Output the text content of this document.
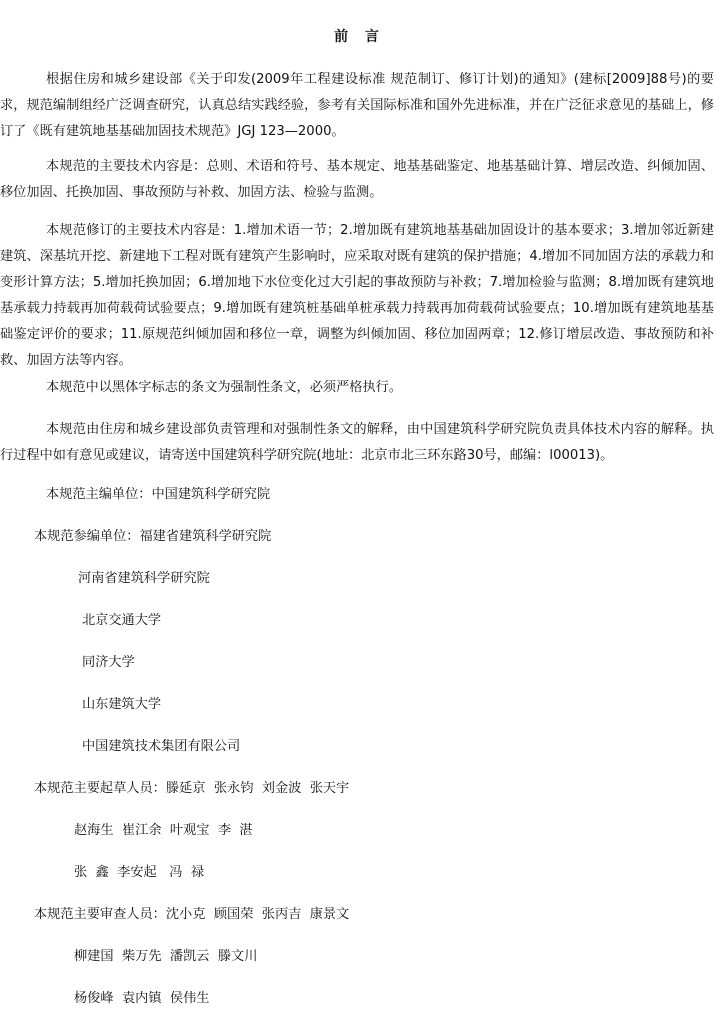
前 言

根据住房和城乡建设部《关于印发(2009年工程建设标准 规范制订、修订计划)的通知》(建标[2009]88号)的要求，规范编制组经广泛调查研究，认真总结实践经验，参考有关国际标准和国外先进标准，并在广泛征求意见的基础上，修订了《既有建筑地基基础加固技术规范》JGJ 123—2000。

本规范的主要技术内容是：总则、术语和符号、基本规定、地基基础鉴定、地基基础计算、增层改造、纠倾加固、移位加固、托换加固、事故预防与补救、加固方法、检验与监测。

本规范修订的主要技术内容是：1.增加术语一节；2.增加既有建筑地基基础加固设计的基本要求；3.增加邻近新建建筑、深基坑开挖、新建地下工程对既有建筑产生影响时，应采取对既有建筑的保护措施；4.增加不同加固方法的承载力和变形计算方法；5.增加托换加固；6.增加地下水位变化过大引起的事故预防与补救；7.增加检验与监测；8.增加既有建筑地基承载力持载再加荷载荷试验要点；9.增加既有建筑桩基础单桩承载力持载再加荷载荷试验要点；10.增加既有建筑地基基础鉴定评价的要求；11.原规范纠倾加固和移位一章，调整为纠倾加固、移位加固两章；12.修订增层改造、事故预防和补救、加固方法等内容。

本规范中以黑体字标志的条文为强制性条文，必须严格执行。

本规范由住房和城乡建设部负责管理和对强制性条文的解释，由中国建筑科学研究院负责具体技术内容的解释。执行过程中如有意见或建议，请寄送中国建筑科学研究院(地址：北京市北三环东路30号，邮编：l00013)。

本规范主编单位：中国建筑科学研究院
本规范参编单位：福建省建筑科学研究院
河南省建筑科学研究院
北京交通大学
同济大学
山东建筑大学
中国建筑技术集团有限公司
本规范主要起草人员：滕延京  张永钧  刘金波  张天宇
赵海生  崔江余  叶观宝  李  湛
张  鑫  李安起   冯  禄
本规范主要审查人员：沈小克  顾国荣  张丙吉  康景文
柳建国  柴万先  潘凯云  滕文川
杨俊峰  袁内镇  侯伟生
